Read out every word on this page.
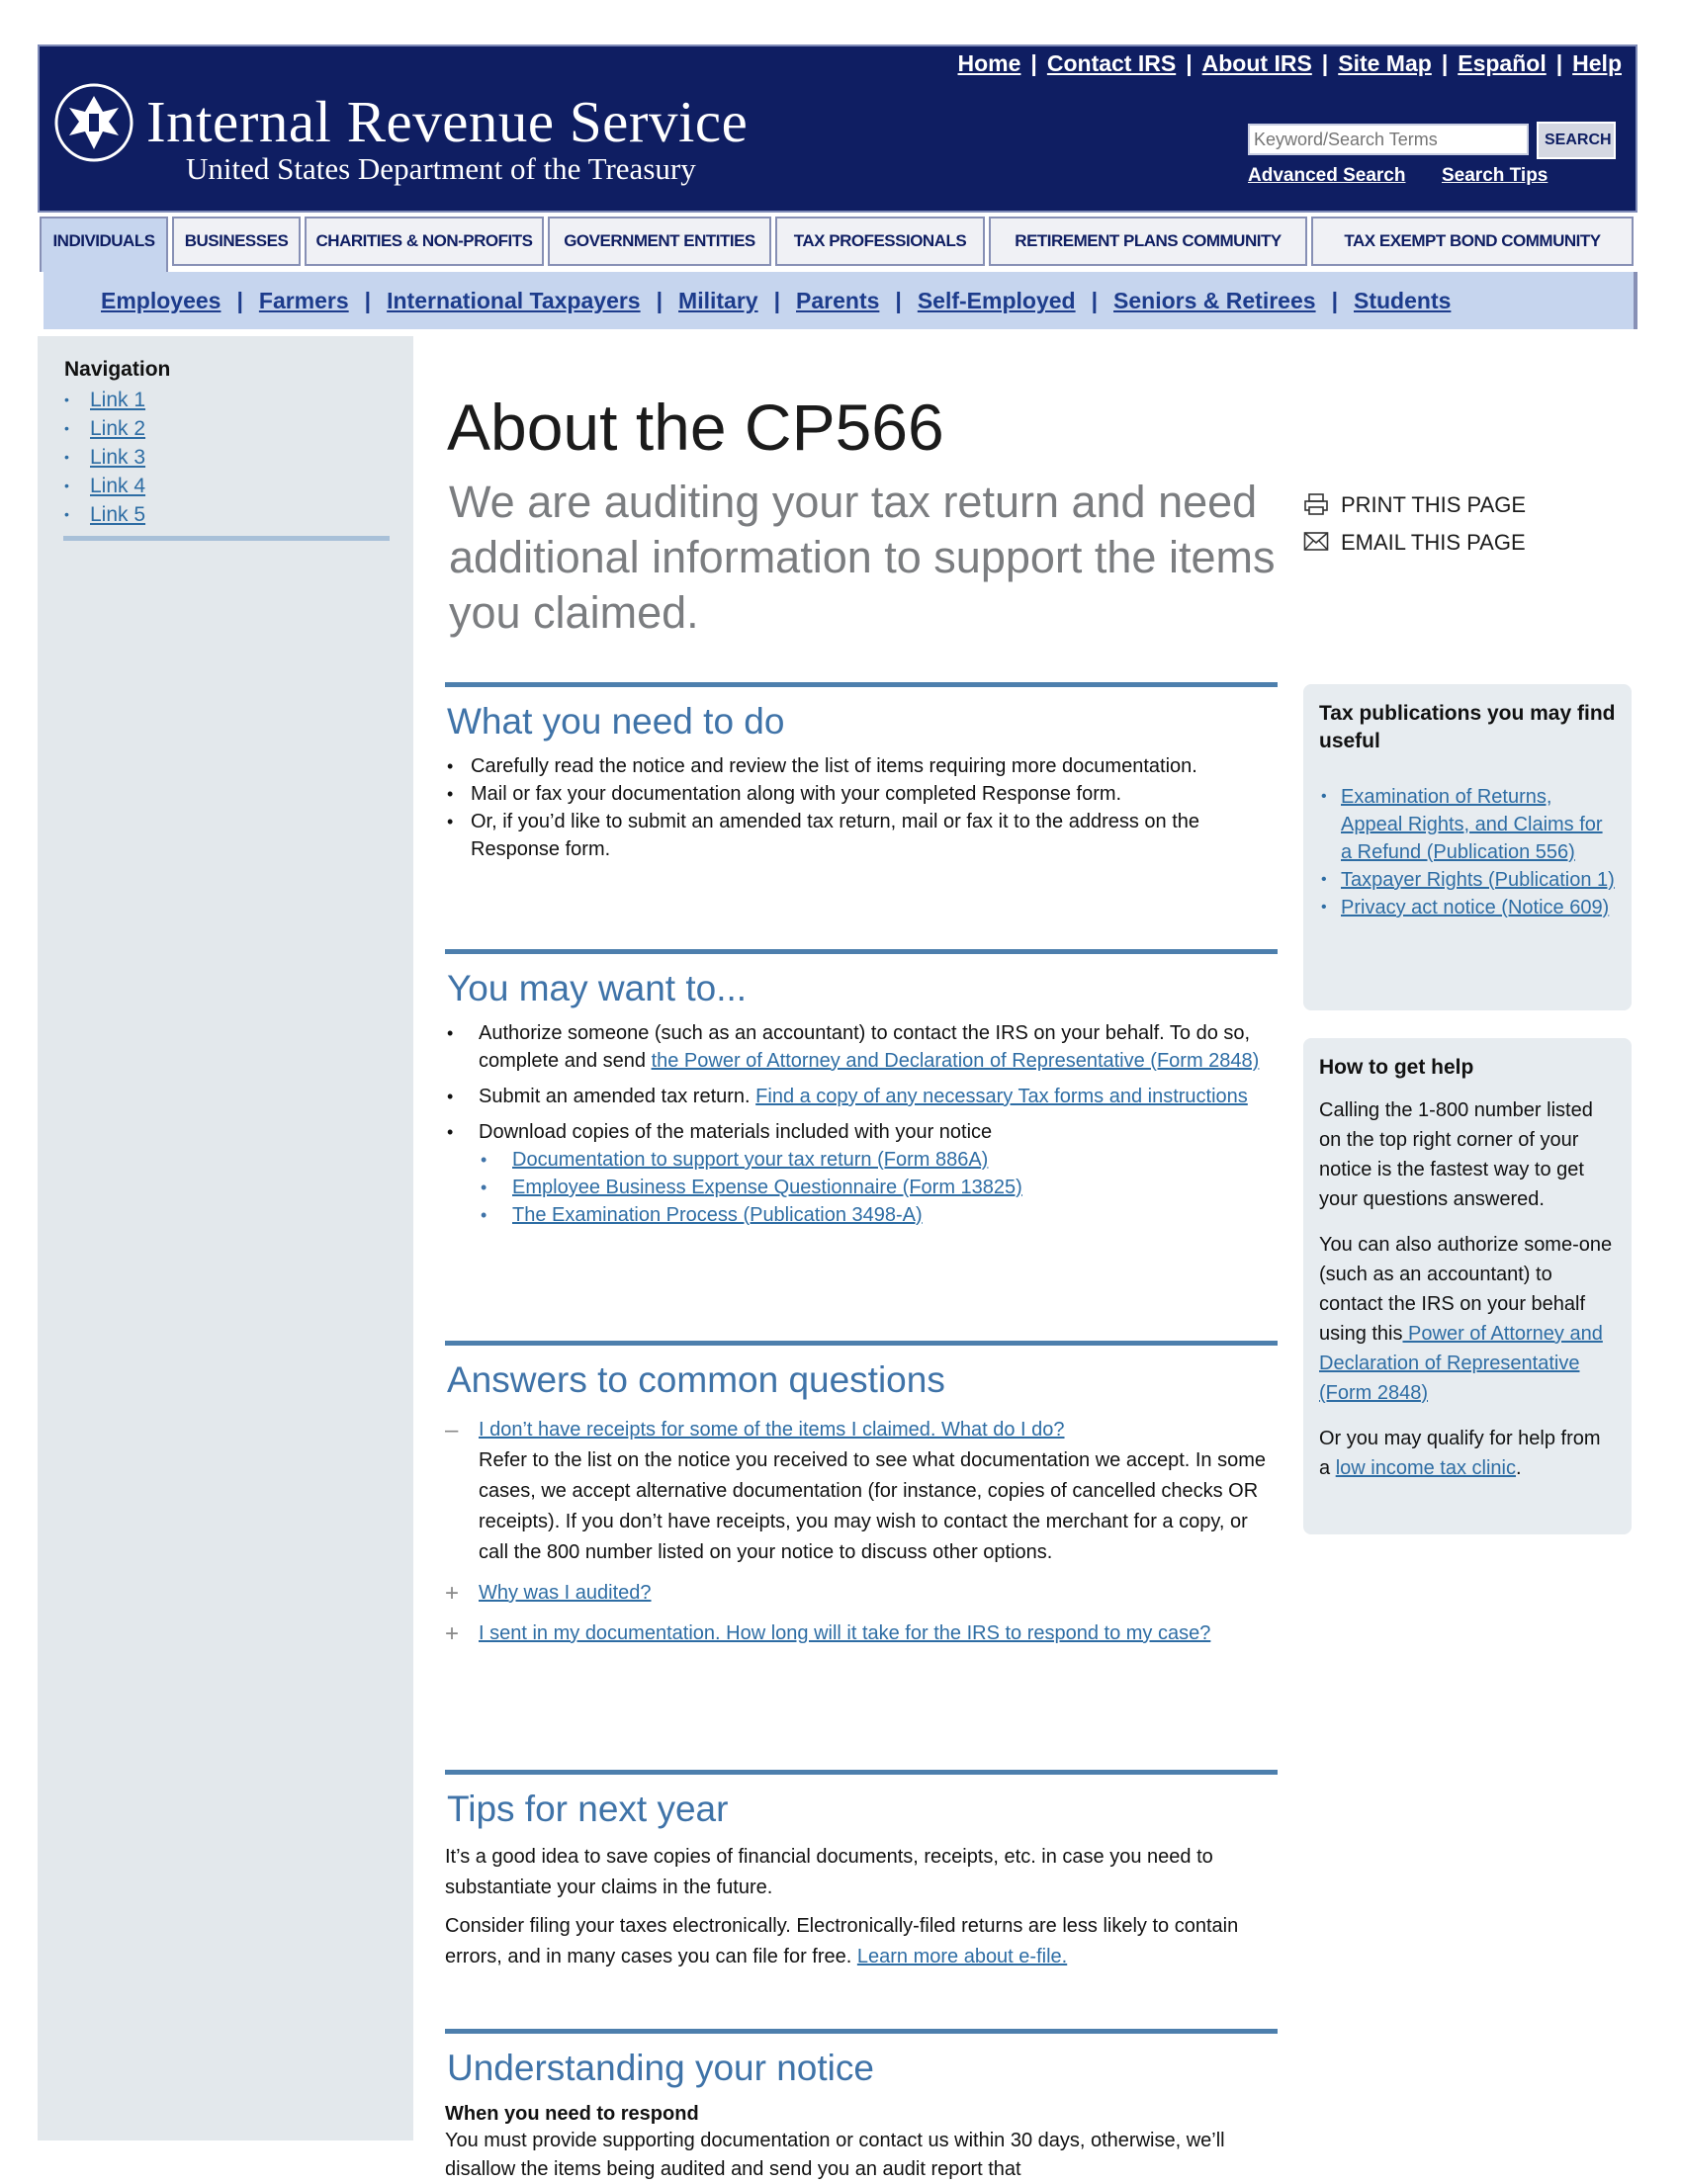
Home | Contact IRS | About IRS | Site Map | Español | Help
Internal Revenue Service
United States Department of the Treasury
Keyword/Search Terms
SEARCH
Advanced Search Search Tips
INDIVIDUALS	BUSINESSES	CHARITIES & NON-PROFITS	GOVERNMENT ENTITIES	TAX PROFESSIONALS	RETIREMENT PLANS COMMUNITY	TAX EXEMPT BOND COMMUNITY
Employees | Farmers | International Taxpayers | Military | Parents | Self-Employed | Seniors & Retirees | Students
Navigation
• Link 1
• Link 2
• Link 3
• Link 4
• Link 5
About the CP566

We are auditing your tax return and need additional information to support the items you claimed.

PRINT THIS PAGE
EMAIL THIS PAGE
What you need to do
• Carefully read the notice and review the list of items requiring more documentation.
• Mail or fax your documentation along with your completed Response form.
• Or, if you’d like to submit an amended tax return, mail or fax it to the address on the Response form.
You may want to...
• Authorize someone (such as an accountant) to contact the IRS on your behalf. To do so, complete and send the Power of Attorney and Declaration of Representative (Form 2848)
• Submit an amended tax return. Find a copy of any necessary Tax forms and instructions
• Download copies of the materials included with your notice
• Documentation to support your tax return (Form 886A)
• Employee Business Expense Questionnaire (Form 13825)
• The Examination Process (Publication 3498-A)
Answers to common questions
–	I don’t have receipts for some of the items I claimed. What do I do?
Refer to the list on the notice you received to see what documentation we accept. In some cases, we accept alternative documentation (for instance, copies of cancelled checks OR receipts). If you don’t have receipts, you may wish to contact the merchant for a copy, or call the 800 number listed on your notice to discuss other options.
+ Why was I audited?
+ I sent in my documentation. How long will it take for the IRS to respond to my case?
Tips for next year

It’s a good idea to save copies of financial documents, receipts, etc. in case you need to substantiate your claims in the future.

Consider filing your taxes electronically. Electronically-filed returns are less likely to contain errors, and in many cases you can file for free. Learn more about e-file.

Understanding your notice

When you need to respond

You must provide supporting documentation or contact us within 30 days, otherwise, we’ll disallow the items being audited and send you an audit report that

Tax publications you may find useful
• Examination of Returns, Appeal Rights, and Claims for a Refund (Publication 556)
• Taxpayer Rights (Publication 1)
• Privacy act notice (Notice 609)
How to get help

Calling the 1-800 number listed on the top right corner of your notice is the fastest way to get your questions answered.

You can also authorize some-one (such as an accountant) to contact the IRS on your behalf using this Power of Attorney and Declaration of Representative (Form 2848)

Or you may qualify for help from a low income tax clinic.
